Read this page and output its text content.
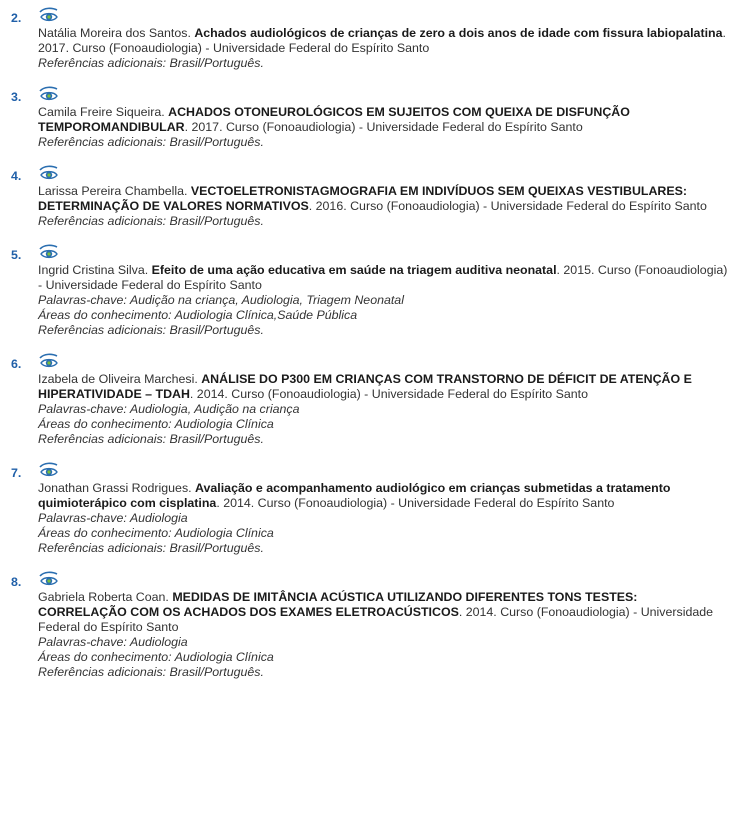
2.
Natália Moreira dos Santos. Achados audiológicos de crianças de zero a dois anos de idade com fissura labiopalatina. 2017. Curso (Fonoaudiologia) - Universidade Federal do Espírito Santo
Referências adicionais: Brasil/Português.
3.
Camila Freire Siqueira. ACHADOS OTONEUROLÓGICOS EM SUJEITOS COM QUEIXA DE DISFUNÇÃO TEMPOROMANDIBULAR. 2017. Curso (Fonoaudiologia) - Universidade Federal do Espírito Santo
Referências adicionais: Brasil/Português.
4.
Larissa Pereira Chambella. VECTOELETRONISTAGMOGRAFIA EM INDIVÍDUOS SEM QUEIXAS VESTIBULARES: DETERMINAÇÃO DE VALORES NORMATIVOS. 2016. Curso (Fonoaudiologia) - Universidade Federal do Espírito Santo
Referências adicionais: Brasil/Português.
5.
Ingrid Cristina Silva. Efeito de uma ação educativa em saúde na triagem auditiva neonatal. 2015. Curso (Fonoaudiologia) - Universidade Federal do Espírito Santo
Palavras-chave: Audição na criança, Audiologia, Triagem Neonatal
Áreas do conhecimento: Audiologia Clínica,Saúde Pública
Referências adicionais: Brasil/Português.
6.
Izabela de Oliveira Marchesi. ANÁLISE DO P300 EM CRIANÇAS COM TRANSTORNO DE DÉFICIT DE ATENÇÃO E HIPERATIVIDADE – TDAH. 2014. Curso (Fonoaudiologia) - Universidade Federal do Espírito Santo
Palavras-chave: Audiologia, Audição na criança
Áreas do conhecimento: Audiologia Clínica
Referências adicionais: Brasil/Português.
7.
Jonathan Grassi Rodrigues. Avaliação e acompanhamento audiológico em crianças submetidas a tratamento quimioterápico com cisplatina. 2014. Curso (Fonoaudiologia) - Universidade Federal do Espírito Santo
Palavras-chave: Audiologia
Áreas do conhecimento: Audiologia Clínica
Referências adicionais: Brasil/Português.
8.
Gabriela Roberta Coan. MEDIDAS DE IMITÂNCIA ACÚSTICA UTILIZANDO DIFERENTES TONS TESTES: CORRELAÇÃO COM OS ACHADOS DOS EXAMES ELETROACÚSTICOS. 2014. Curso (Fonoaudiologia) - Universidade Federal do Espírito Santo
Palavras-chave: Audiologia
Áreas do conhecimento: Audiologia Clínica
Referências adicionais: Brasil/Português.
